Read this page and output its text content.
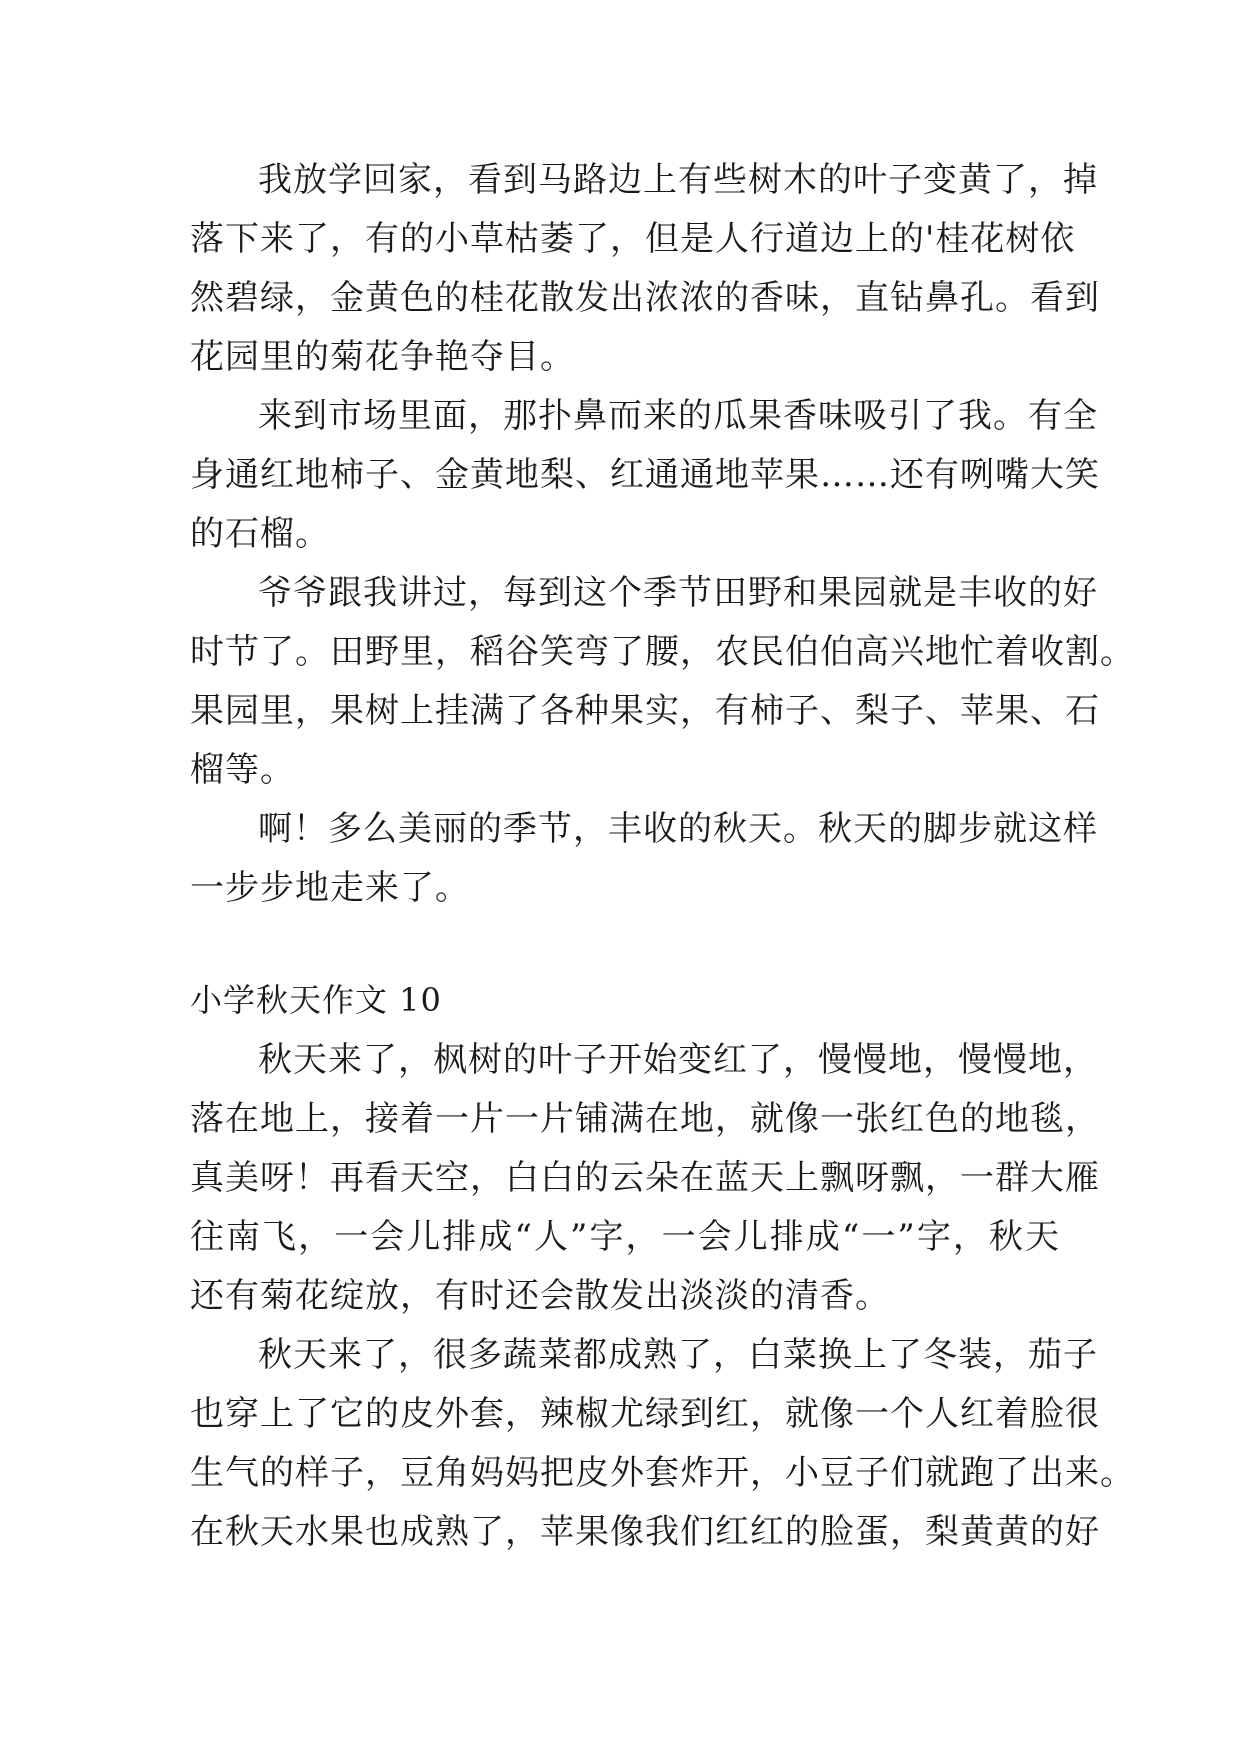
我放学回家，看到马路边上有些树木的叶子变黄了，掉
落下来了，有的小草枯萎了，但是人行道边上的'桂花树依
然碧绿，金黄色的桂花散发出浓浓的香味，直钻鼻孔。看到
花园里的菊花争艳夺目。
来到市场里面，那扑鼻而来的瓜果香味吸引了我。有全
身通红地柿子、金黄地梨、红通通地苹果……还有咧嘴大笑
的石榴。
爷爷跟我讲过，每到这个季节田野和果园就是丰收的好
时节了。田野里，稻谷笑弯了腰，农民伯伯高兴地忙着收割。
果园里，果树上挂满了各种果实，有柿子、梨子、苹果、石
榴等。
啊！多么美丽的季节，丰收的秋天。秋天的脚步就这样
一步步地走来了。
小学秋天作文 10
秋天来了，枫树的叶子开始变红了，慢慢地，慢慢地，
落在地上，接着一片一片铺满在地，就像一张红色的地毯，
真美呀！再看天空，白白的云朵在蓝天上飘呀飘，一群大雁
往南飞，一会儿排成“人”字，一会儿排成“一”字，秋天
还有菊花绽放，有时还会散发出淡淡的清香。
秋天来了，很多蔬菜都成熟了，白菜换上了冬装，茄子
也穿上了它的皮外套，辣椒尤绿到红，就像一个人红着脸很
生气的样子，豆角妈妈把皮外套炸开，小豆子们就跑了出来。
在秋天水果也成熟了，苹果像我们红红的脸蛋，梨黄黄的好
